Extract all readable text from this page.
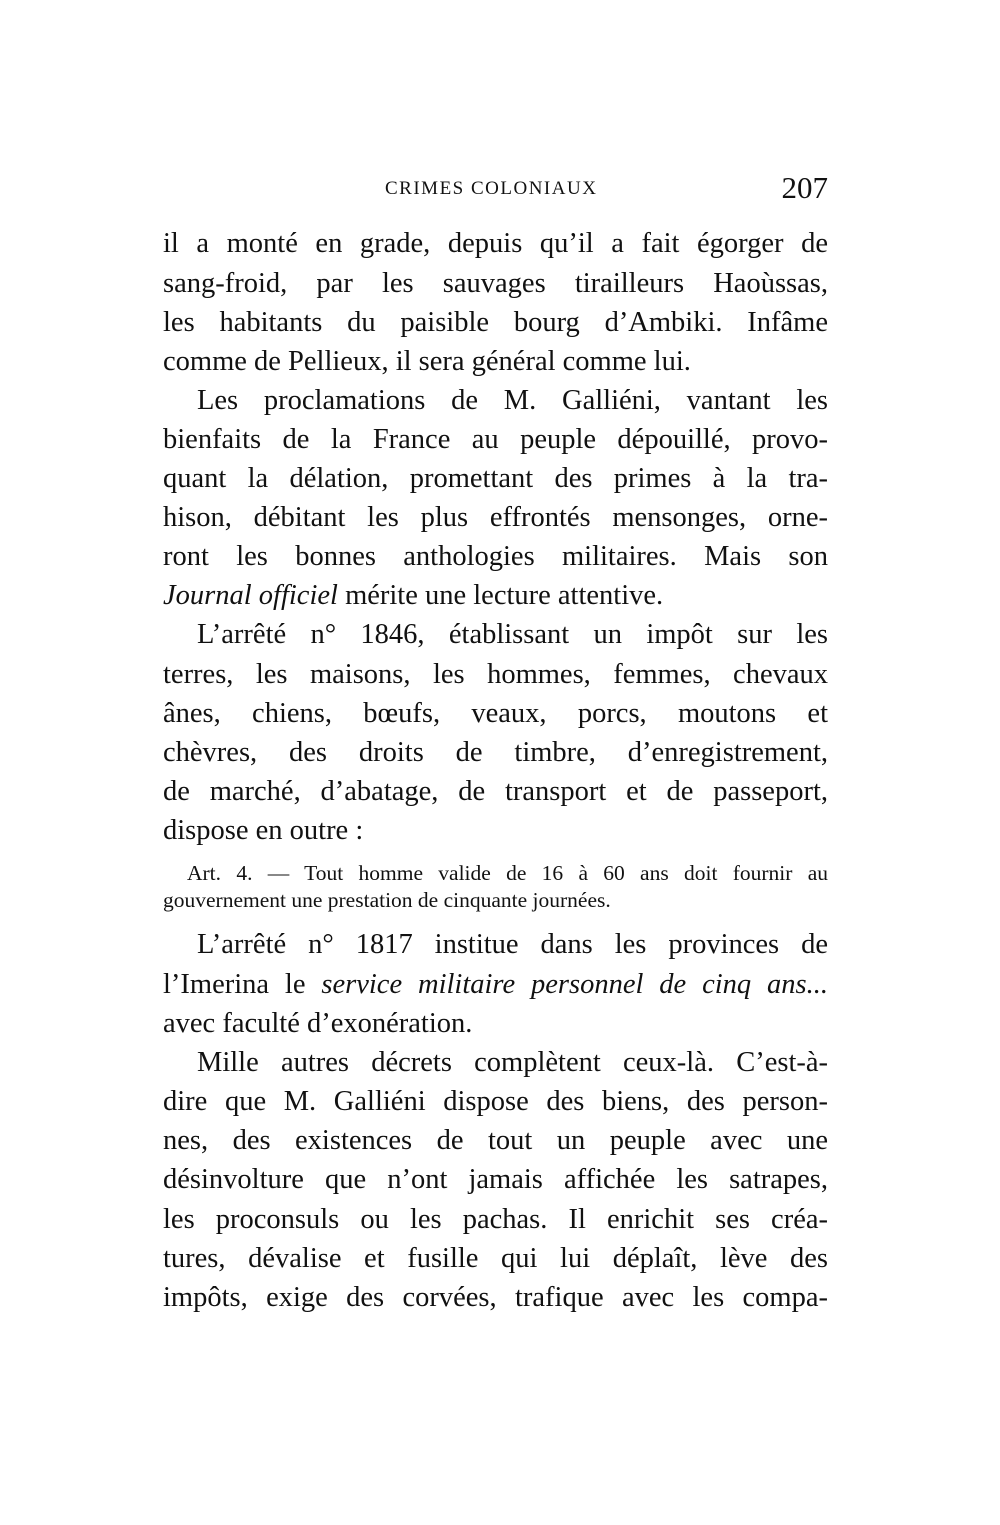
CRIMES COLONIAUX	207
il a monté en grade, depuis qu’il a fait égorger de
sang-froid, par les sauvages tirailleurs Haoùssas,
les habitants du paisible bourg d’Ambiki. Infâme
comme de Pellieux, il sera général comme lui.
Les proclamations de M. Galliéni, vantant les
bienfaits de la France au peuple dépouillé, provo-
quant la délation, promettant des primes à la tra-
hison, débitant les plus effrontés mensonges, orne-
ront les bonnes anthologies militaires. Mais son
Journal officiel mérite une lecture attentive.
L’arrêté n° 1846, établissant un impôt sur les
terres, les maisons, les hommes, femmes, chevaux
ânes, chiens, bœufs, veaux, porcs, moutons et
chèvres, des droits de timbre, d’enregistrement,
de marché, d’abatage, de transport et de passeport,
dispose en outre :
Art. 4. — Tout homme valide de 16 à 60 ans doit fournir au
gouvernement une prestation de cinquante journées.
L’arrêté n° 1817 institue dans les provinces de
l’Imerina le service militaire personnel de cinq ans...
avec faculté d’exonération.
Mille autres décrets complètent ceux-là. C’est-à-
dire que M. Galliéni dispose des biens, des person-
nes, des existences de tout un peuple avec une
désinvolture que n’ont jamais affichée les satrapes,
les proconsuls ou les pachas. Il enrichit ses créa-
tures, dévalise et fusille qui lui déplaît, lève des
impôts, exige des corvées, trafique avec les compa-
